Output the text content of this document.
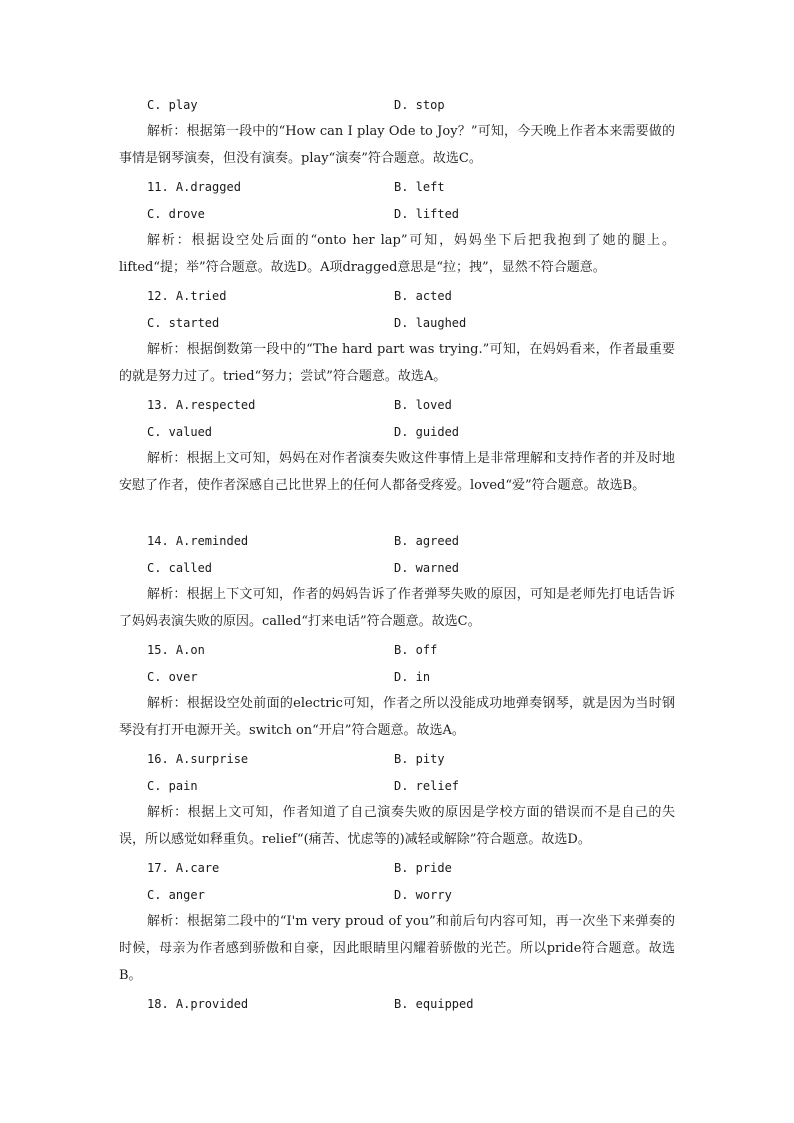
C. play	D. stop
解析：根据第一段中的“How can I play Ode to Joy？”可知，今天晚上作者本来需要做的事情是钢琴演奏，但没有演奏。play“演奏”符合题意。故选C。
11. A.dragged	B. left
C. drove	D. lifted
解析：根据设空处后面的“onto her lap”可知，妈妈坐下后把我抱到了她的腿上。lifted“提；举”符合题意。故选D。A项dragged意思是“拉；拽”，显然不符合题意。
12. A.tried	B. acted
C. started	D. laughed
解析：根据倒数第一段中的“The hard part was trying.”可知，在妈妈看来，作者最重要的就是努力过了。tried“努力；尝试”符合题意。故选A。
13. A.respected	B. loved
C. valued	D. guided
解析：根据上文可知，妈妈在对作者演奏失败这件事情上是非常理解和支持作者的并及时地安慰了作者，使作者深感自己比世界上的任何人都备受疼爱。loved“爱”符合题意。故选B。
14. A.reminded	B. agreed
C. called	D. warned
解析：根据上下文可知，作者的妈妈告诉了作者弹琴失败的原因，可知是老师先打电话告诉了妈妈表演失败的原因。called“打来电话”符合题意。故选C。
15. A.on	B. off
C. over	D. in
解析：根据设空处前面的electric可知，作者之所以没能成功地弹奏钢琴，就是因为当时钢琴没有打开电源开关。switch on“开启”符合题意。故选A。
16. A.surprise	B. pity
C. pain	D. relief
解析：根据上文可知，作者知道了自己演奏失败的原因是学校方面的错误而不是自己的失误，所以感觉如释重负。relief“(痛苦、忧虑等的)减轻或解除”符合题意。故选D。
17. A.care	B. pride
C. anger	D. worry
解析：根据第二段中的“I'm very proud of you”和前后句内容可知，再一次坐下来弹奏的时候，母亲为作者感到骄傲和自豪，因此眼睛里闪耀着骄傲的光芒。所以pride符合题意。故选B。
18. A.provided	B. equipped
